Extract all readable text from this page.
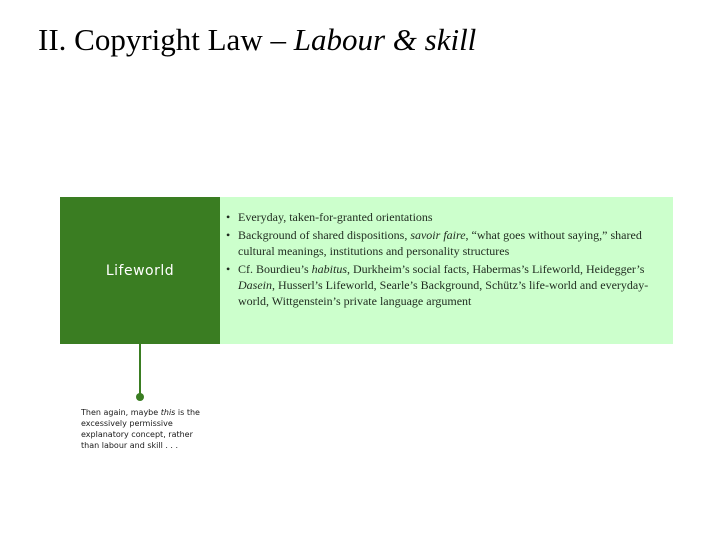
II. Copyright Law – Labour & skill
Lifeworld
• Everyday, taken-for-granted orientations
• Background of shared dispositions, savoir faire, “what goes without saying,” shared cultural meanings, institutions and personality structures
• Cf. Bourdieu’s habitus, Durkheim’s social facts, Habermas’s Lifeworld, Heidegger’s Dasein, Husserl’s Lifeworld, Searle’s Background, Schütz’s life-world and everyday-world, Wittgenstein’s private language argument
Then again, maybe this is the excessively permissive explanatory concept, rather than labour and skill . . .
